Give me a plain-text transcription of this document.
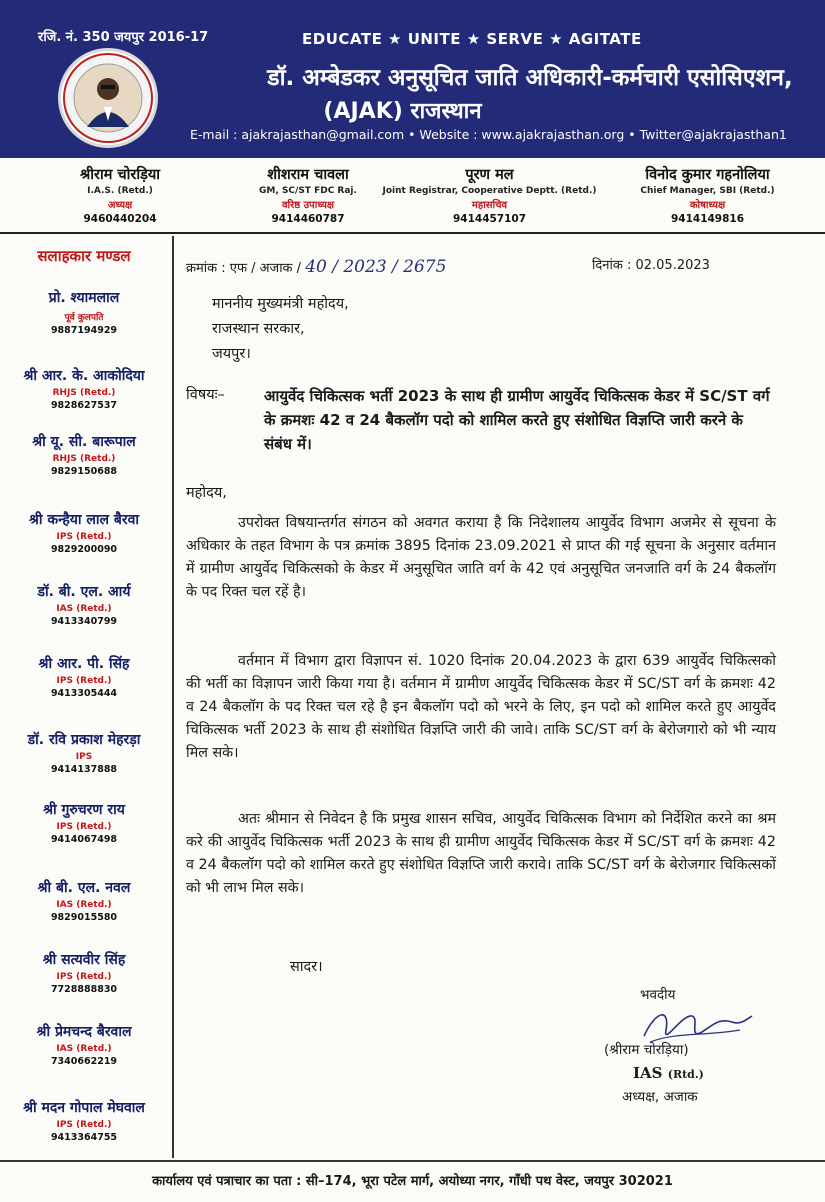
रजि. नं. 350 जयपुर 2016-17	EDUCATE ★ UNITE ★ SERVE ★ AGITATE
डॉ. अम्बेडकर अनुसूचित जाति अधिकारी-कर्मचारी एसोसिएशन,
(AJAK) राजस्थान
E-mail : ajakrajasthan@gmail.com • Website : www.ajakrajasthan.org • Twitter@ajakrajasthan1
श्रीराम चोरड़िया
I.A.S. (Retd.)
अध्यक्ष
9460440204
शीशराम चावला
GM, SC/ST FDC Raj.
वरिष्ठ उपाध्यक्ष
9414460787
पूरण मल
Joint Registrar, Cooperative Deptt. (Retd.)
महासचिव
9414457107
विनोद कुमार गहनोलिया
Chief Manager, SBI (Retd.)
कोषाध्यक्ष
9414149816
सलाहकार मण्डल
प्रो. श्यामलाल
पूर्व कुलपति
9887194929
श्री आर. के. आकोदिया
RHJS (Retd.)
9828627537
श्री यू. सी. बारूपाल
RHJS (Retd.)
9829150688
श्री कन्हैया लाल बैरवा
IPS (Retd.)
9829200090
डॉ. बी. एल. आर्य
IAS (Retd.)
9413340799
श्री आर. पी. सिंह
IPS (Retd.)
9413305444
डॉ. रवि प्रकाश मेहरड़ा
IPS
9414137888
श्री गुरुचरण राय
IPS (Retd.)
9414067498
श्री बी. एल. नवल
IAS (Retd.)
9829015580
श्री सत्यवीर सिंह
IPS (Retd.)
7728888830
श्री प्रेमचन्द बैरवाल
IAS (Retd.)
7340662219
श्री मदन गोपाल मेघवाल
IPS (Retd.)
9413364755
क्रमांक : एफ / अजाक / 40 / 2023 / 2675	दिनांक : 02.05.2023
माननीय मुख्यमंत्री महोदय,
राजस्थान सरकार,
जयपुर।
विषयः–	आयुर्वेद चिकित्सक भर्ती 2023 के साथ ही ग्रामीण आयुर्वेद चिकित्सक केडर में SC/ST वर्ग के क्रमशः 42 व 24 बैकलॉग पदो को शामिल करते हुए संशोधित विज्ञप्ति जारी करने के संबंध में।
महोदय,
उपरोक्त विषयान्तर्गत संगठन को अवगत कराया है कि निदेशालय आयुर्वेद विभाग अजमेर से सूचना के अधिकार के तहत विभाग के पत्र क्रमांक 3895 दिनांक 23.09.2021 से प्राप्त की गई सूचना के अनुसार वर्तमान में ग्रामीण आयुर्वेद चिकित्सको के केडर में अनुसूचित जाति वर्ग के 42 एवं अनुसूचित जनजाति वर्ग के 24 बैकलॉग के पद रिक्त चल रहें है।
वर्तमान में विभाग द्वारा विज्ञापन सं. 1020 दिनांक 20.04.2023 के द्वारा 639 आयुर्वेद चिकित्सको की भर्ती का विज्ञापन जारी किया गया है। वर्तमान में ग्रामीण आयुर्वेद चिकित्सक केडर में SC/ST वर्ग के क्रमशः 42 व 24 बैकलॉग के पद रिक्त चल रहे है इन बैकलॉग पदो को भरने के लिए, इन पदो को शामिल करते हुए आयुर्वेद चिकित्सक भर्ती 2023 के साथ ही संशोधित विज्ञप्ति जारी की जावे। ताकि SC/ST वर्ग के बेरोजगारो को भी न्याय मिल सके।
अतः श्रीमान से निवेदन है कि प्रमुख शासन सचिव, आयुर्वेद चिकित्सक विभाग को निर्देशित करने का श्रम करे की आयुर्वेद चिकित्सक भर्ती 2023 के साथ ही ग्रामीण आयुर्वेद चिकित्सक केडर में SC/ST वर्ग के क्रमशः 42 व 24 बैकलॉग पदो को शामिल करते हुए संशोधित विज्ञप्ति जारी करावे। ताकि SC/ST वर्ग के बेरोजगार चिकित्सकों को भी लाभ मिल सके।
सादर।
भवदीय
(श्रीराम चोरड़िया)
IAS (Rtd.)
अध्यक्ष, अजाक
कार्यालय एवं पत्राचार का पता : सी–174, भूरा पटेल मार्ग, अयोध्या नगर, गाँधी पथ वेस्ट, जयपुर 302021
